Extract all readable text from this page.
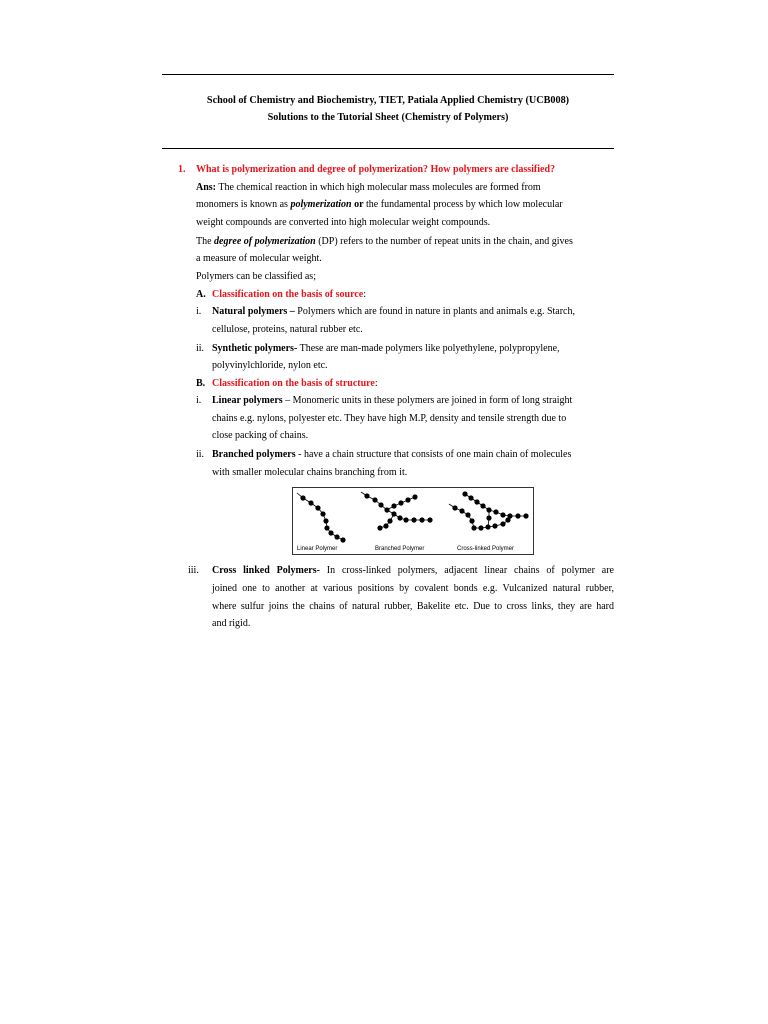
School of Chemistry and Biochemistry, TIET, Patiala Applied Chemistry (UCB008)
Solutions to the Tutorial Sheet (Chemistry of Polymers)
1. What is polymerization and degree of polymerization? How polymers are classified?
Ans: The chemical reaction in which high molecular mass molecules are formed from
monomers is known as polymerization or the fundamental process by which low molecular
weight compounds are converted into high molecular weight compounds.
The degree of polymerization (DP) refers to the number of repeat units in the chain, and gives
a measure of molecular weight.
Polymers can be classified as;
A. Classification on the basis of source:
i. Natural polymers – Polymers which are found in nature in plants and animals e.g. Starch,
cellulose, proteins, natural rubber etc.
ii. Synthetic polymers- These are man-made polymers like polyethylene, polypropylene,
polyvinylchloride, nylon etc.
B. Classification on the basis of structure:
i. Linear polymers – Monomeric units in these polymers are joined in form of long straight
chains e.g. nylons, polyester etc. They have high M.P, density and tensile strength due to
close packing of chains.
ii. Branched polymers - have a chain structure that consists of one main chain of molecules
with smaller molecular chains branching from it.
Linear Polymer	Branched Polymer	Cross-linked Polymer
iii. Cross linked Polymers- In cross-linked polymers, adjacent linear chains of polymer are
joined one to another at various positions by covalent bonds e.g. Vulcanized natural rubber,
where sulfur joins the chains of natural rubber, Bakelite etc. Due to cross links, they are hard
and rigid.
